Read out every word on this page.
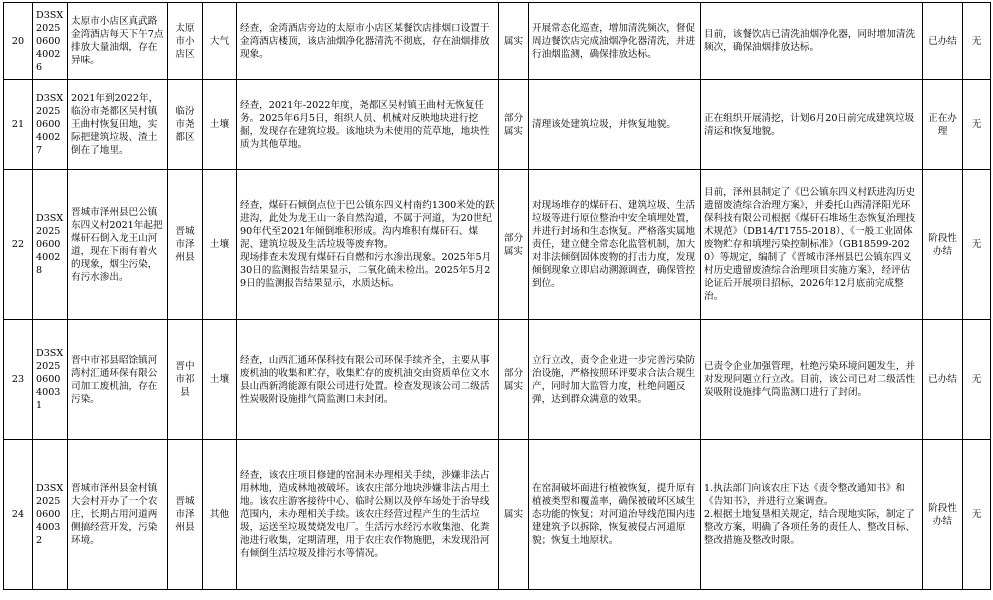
20	D3SX2025060040026	太原市小店区真武路金湾酒店每天下午7点排放大量油烟，存在异味。	太原市小店区	大气	经查，金湾酒店旁边的太原市小店区某餐饮店排烟口设置于金湾酒店楼顶，该店油烟净化器清洗不彻底，存在油烟排放现象。	属实	开展常态化巡查，增加清洗频次，督促周边餐饮店完成油烟净化器清洗，并进行油烟监测，确保排放达标。	目前，该餐饮店已清洗油烟净化器，同时增加清洗频次，确保油烟排放达标。	已办结	无
21	D3SX2025060040027	2021年到2022年，临汾市尧都区吴村镇王曲村恢复田地，实际把建筑垃圾、渣土倒在了地里。	临汾市尧都区	土壤	经查，2021年-2022年度，尧都区吴村镇王曲村无恢复任务。2025年6月5日，组织人员、机械对反映地块进行挖掘，发现存在建筑垃圾。该地块为未使用的荒草地，地块性质为其他草地。	部分属实	清理该处建筑垃圾，并恢复地貌。	正在组织开展清挖，计划6月20日前完成建筑垃圾清运和恢复地貌。	正在办理	无
22	D3SX2025060040028	晋城市泽州县巴公镇东四义村2021年起把煤矸石倒入龙王山河道，现在下雨有着火的现象，烟尘污染，有污水渗出。	晋城市泽州县	土壤	经查，煤矸石倾倒点位于巴公镇东四义村南约1300米处的跃进沟，此处为龙王山一条自然沟道，不属于河道，为20世纪90年代至2021年倾倒堆积形成。沟内堆积有煤矸石、煤泥、建筑垃圾及生活垃圾等废弃物。
现场排查未发现有煤矸石自燃和污水渗出现象。2025年5月30日的监测报告结果显示，二氧化硫未检出。2025年5月29日的监测报告结果显示，水质达标。	部分属实	对现场堆存的煤矸石、建筑垃圾、生活垃圾等进行原位整治中安全填埋处置，并进行封场和生态恢复。严格落实属地责任，建立健全常态化监管机制，加大对非法倾倒固体废物的打击力度，发现倾倒现象立即启动溯源调查，确保管控到位。	目前，泽州县制定了《巴公镇东四义村跃进沟历史遗留废渣综合治理方案》，并委托山西清泽阳光环保科技有限公司根据《煤矸石堆场生态恢复治理技术规范》（DB14/T1755-2018）、《一般工业固体废物贮存和填埋污染控制标准》（GB18599-2020）等规定，编制了《晋城市泽州县巴公镇东四义村历史遗留废渣综合治理项目实施方案》，经评估论证后开展项目招标，2026年12月底前完成整治。	阶段性办结	无
23	D3SX2025060040031	晋中市祁县昭馀镇河湾村汇通环保有限公司加工废机油，存在污染。	晋中市祁县	土壤	经查，山西汇通环保科技有限公司环保手续齐全，主要从事废机油的收集和贮存，收集贮存的废机油交由资质单位文水县山西新鸿能源有限公司进行处置。检查发现该公司二级活性炭吸附设施排气筒监测口未封闭。	部分属实	立行立改，责令企业进一步完善污染防治设施，严格按照环评要求合法合规生产，同时加大监管力度，杜绝问题反弹，达到群众满意的效果。	已责令企业加强管理，杜绝污染环境问题发生，并对发现问题立行立改。目前，该公司已对二级活性炭吸附设施排气筒监测口进行了封闭。	已办结	无
24	D3SX2025060040032	晋城市泽州县金村镇大会村开办了一个农庄，长期占用河道两侧搞经营开发，污染环境。	晋城市泽州县	其他	经查，该农庄项目修建的窑洞未办理相关手续，涉嫌非法占用林地，造成林地被破坏。该农庄部分地块涉嫌非法占用土地。该农庄游客接待中心、临时公厕以及停车场处于治导线范围内，未办理相关手续。该农庄经营过程产生的生活垃圾，运送至垃圾焚烧发电厂。生活污水经污水收集池、化粪池进行收集，定期清理，用于农庄农作物施肥，未发现沿河有倾倒生活垃圾及排污水等情况。	属实	在窑洞破坏面进行植被恢复，提升原有植被类型和覆盖率，确保被破坏区域生态功能的恢复；对河道治导线范围内违建建筑予以拆除，恢复被侵占河道原貌；恢复土地原状。	1.执法部门向该农庄下达《责令整改通知书》和《告知书》，并进行立案调查。
2.根据土地复垦相关规定，结合现地实际，制定了整改方案，明确了各项任务的责任人、整改目标、整改措施及整改时限。	阶段性办结	无
